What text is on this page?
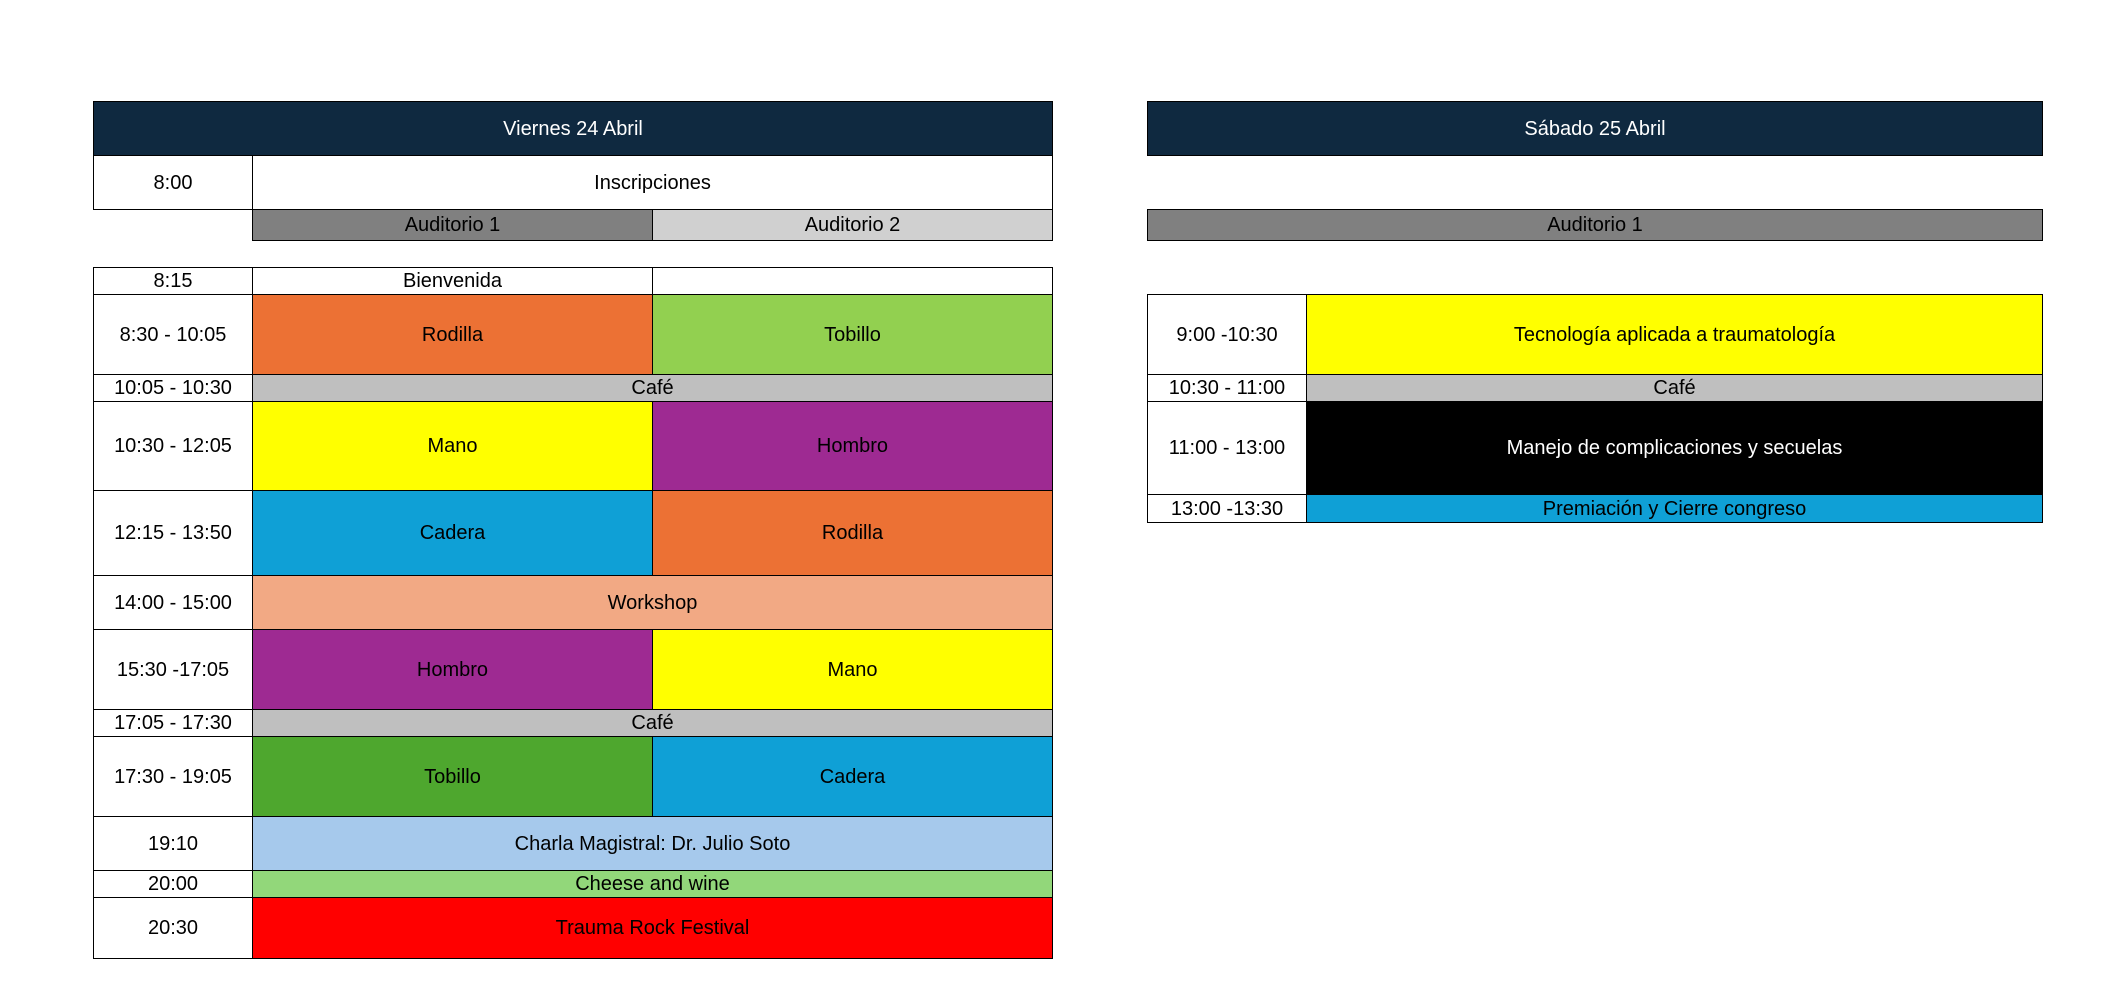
Viernes 24 Abril
8:00	Inscripciones
Auditorio 1	Auditorio 2
8:15	Bienvenida
8:30 - 10:05	Rodilla	Tobillo
10:05 - 10:30	Café
10:30 - 12:05	Mano	Hombro
12:15 - 13:50	Cadera	Rodilla
14:00 - 15:00	Workshop
15:30 -17:05	Hombro	Mano
17:05 - 17:30	Café
17:30 - 19:05	Tobillo	Cadera
19:10	Charla Magistral: Dr. Julio Soto
20:00	Cheese and wine
20:30	Trauma Rock Festival
Sábado 25 Abril
Auditorio 1
9:00 -10:30	Tecnología aplicada a traumatología
10:30 - 11:00	Café
11:00 - 13:00	Manejo de complicaciones y secuelas
13:00 -13:30	Premiación y Cierre congreso
